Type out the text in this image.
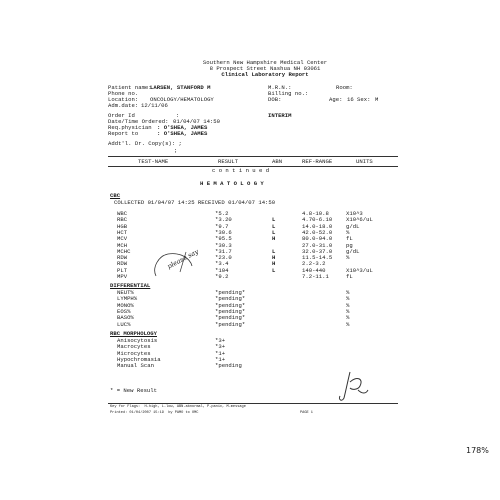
Southern New Hampshire Medical Center
8 Prospect Street Nashua NH 03061
Clinical Laboratory Report
Patient name:
LARSEN, STANFORD M
Phone no.
Location: ONCOLOGY/HEMATOLOGY
Adm.date: 12/11/06
M.R.N.:
Billing no.:
DOB:
Room:
Age: 16 Sex: M
Order Id	:	INTERIM
Date/Time Ordered: 01/04/07 14:50
Req.physician : O'SHEA, JAMES
Report to	: O'SHEA, JAMES
Addt'l. Dr. Copy(s): ;
;
TEST-NAME	RESULT	ABN	REF-RANGE	UNITS
c o n t i n u e d
H E M A T O L O G Y
CBC
COLLECTED 01/04/07 14:25 RECEIVED 01/04/07 14:50
WBC	*5.2	4.8-10.8	X10^3
RBC	*3.20	L	4.70-6.10 X10^6/uL
HGB	*9.7	L	14.0-18.0 g/dL
HCT	*30.6	L	42.0-52.0 %
MCV	*95.5	H	80.0-94.0 fL
MCH	*30.3	27.0-31.0 pg
MCHC	*31.7	L	32.0-37.0 g/dL
RDW	*23.0	H	11.5-14.5 %
RDW	*3.4	H	2.2-3.2
PLT	*104	L	140-440	X10^3/uL
MPV	*9.2	7.2-11.1	fL
DIFFERENTIAL
NEUT%	*pending*	%
LYMPH%	*pending*	%
MONO%	*pending*	%
EOS%	*pending*	%
BASO%	*pending*	%
LUC%	*pending*	%
RBC MORPHOLOGY
Anisocytosis	*3+
Macrocytes	*3+
Microcytes	*1+
Hypochromasia	*1+
Manual Scan	*pending
* = New Result
Key for Flags:  H-high, L-low, ABN-abnormal, P-panic, M-message
Printed: 01/04/2007 15:19  by PAMO to OMC	PAGE 1
please say
178%
